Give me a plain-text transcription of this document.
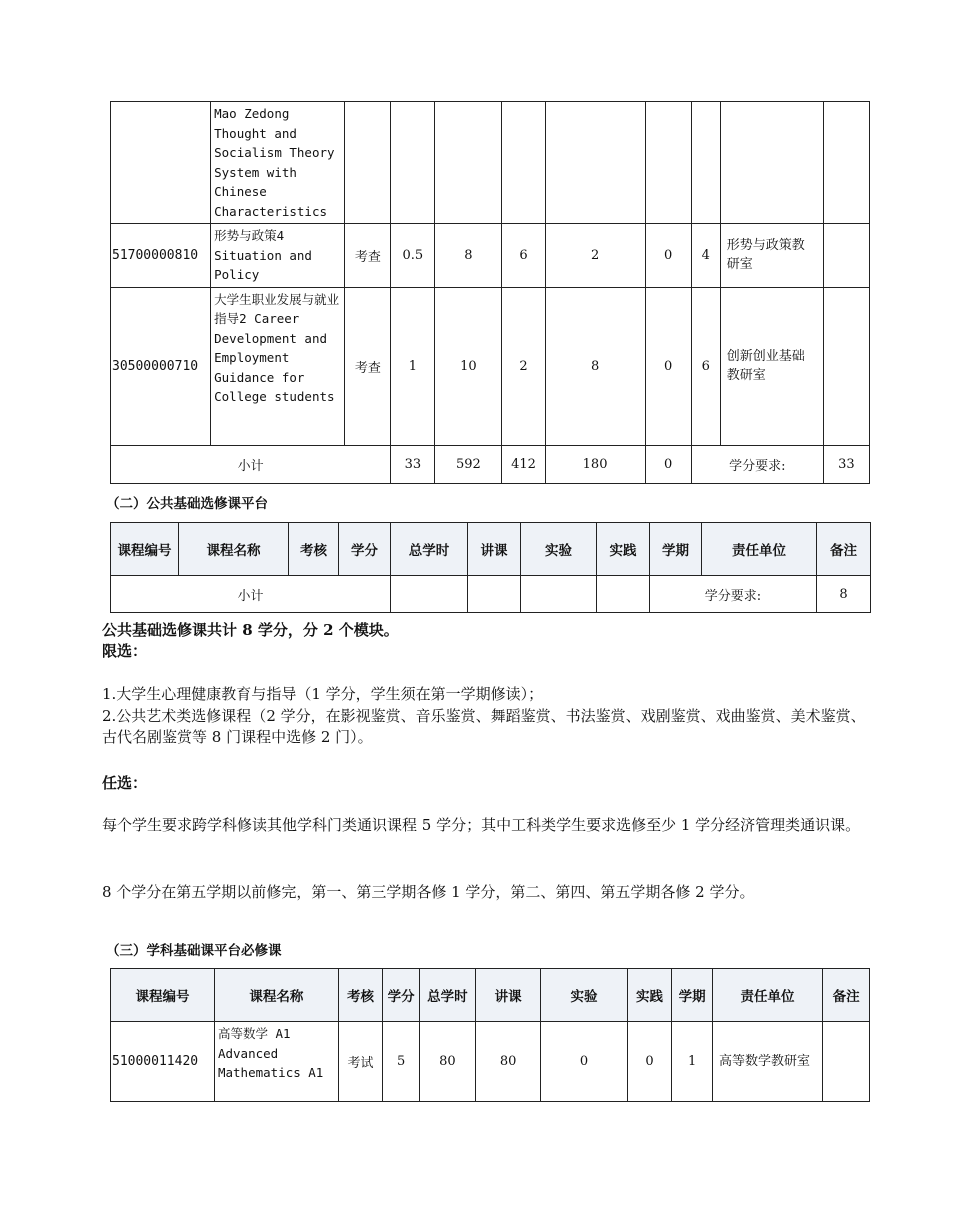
	Mao Zedong Thought and Socialism Theory System with Chinese Characteristics									
51700000810	形势与政策4 Situation and Policy	考查	0.5	8	6	2	0	4	形势与政策教研室	
30500000710	大学生职业发展与就业指导2 Career Development and Employment Guidance for College students	考查	1	10	2	8	0	6	创新创业基础教研室	
小计			33	592	412	180	0	学分要求:		33
（二）公共基础选修课平台
课程编号	课程名称	考核	学分	总学时	讲课	实验	实践	学期	责任单位	备注
小计								学分要求:		8
公共基础选修课共计 8 学分，分 2 个模块。
限选：
1.大学生心理健康教育与指导（1 学分，学生须在第一学期修读）；
2.公共艺术类选修课程（2 学分，在影视鉴赏、音乐鉴赏、舞蹈鉴赏、书法鉴赏、戏剧鉴赏、戏曲鉴赏、美术鉴赏、古代名剧鉴赏等 8 门课程中选修 2 门）。
任选：
每个学生要求跨学科修读其他学科门类通识课程 5 学分；其中工科类学生要求选修至少 1 学分经济管理类通识课。
8 个学分在第五学期以前修完，第一、第三学期各修 1 学分，第二、第四、第五学期各修 2 学分。
（三）学科基础课平台必修课
课程编号	课程名称	考核	学分	总学时	讲课	实验	实践	学期	责任单位	备注
51000011420	高等数学 A1 Advanced Mathematics A1	考试	5	80	80	0	0	1	高等数学教研室	
